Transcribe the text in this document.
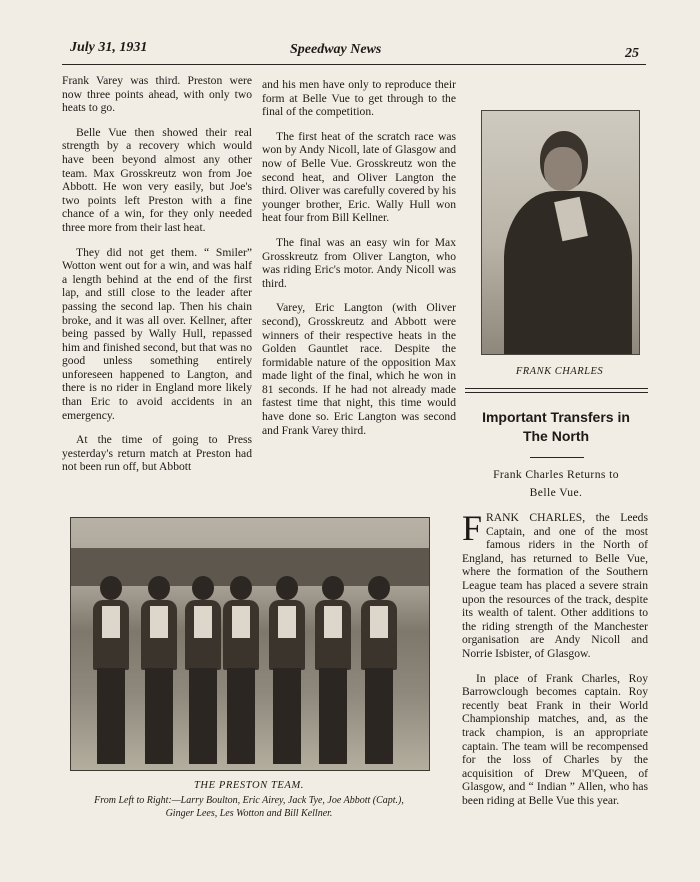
July 31, 1931	Speedway News	25

Frank Varey was third. Preston were now three points ahead, with only two heats to go.

Belle Vue then showed their real strength by a recovery which would have been beyond almost any other team. Max Grosskreutz won from Joe Abbott. He won very easily, but Joe's two points left Preston with a fine chance of a win, for they only needed three more from their last heat.

They did not get them. “ Smiler” Wotton went out for a win, and was half a length behind at the end of the first lap, and still close to the leader after passing the second lap. Then his chain broke, and it was all over. Kellner, after being passed by Wally Hull, repassed him and finished second, but that was no good unless something entirely unforeseen happened to Langton, and there is no rider in England more likely than Eric to avoid accidents in an emergency.

At the time of going to Press yesterday's return match at Preston had not been run off, but Abbott

and his men have only to reproduce their form at Belle Vue to get through to the final of the competition.

The first heat of the scratch race was won by Andy Nicoll, late of Glasgow and now of Belle Vue. Grosskreutz won the second heat, and Oliver Langton the third. Oliver was carefully covered by his younger brother, Eric. Wally Hull won heat four from Bill Kellner.

The final was an easy win for Max Grosskreutz from Oliver Langton, who was riding Eric's motor. Andy Nicoll was third.

Varey, Eric Langton (with Oliver second), Grosskreutz and Abbott were winners of their respective heats in the Golden Gauntlet race. Despite the formidable nature of the opposition Max made light of the final, which he won in 81 seconds. If he had not already made fastest time that night, this time would have done so. Eric Langton was second and Frank Varey third.

FRANK CHARLES
Important Transfers in
The North
Frank Charles Returns to
Belle Vue.

FRANK CHARLES, the Leeds Captain, and one of the most famous riders in the North of England, has returned to Belle Vue, where the formation of the Southern League team has placed a severe strain upon the resources of the track, despite its wealth of talent. Other additions to the riding strength of the Manchester organisation are Andy Nicoll and Norrie Isbister, of Glasgow.

In place of Frank Charles, Roy Barrowclough becomes captain. Roy recently beat Frank in their World Championship matches, and, as the track champion, is an appropriate captain. The team will be recompensed for the loss of Charles by the acquisition of Drew M'Queen, of Glasgow, and “ Indian ” Allen, who has been riding at Belle Vue this year.

THE PRESTON TEAM.
From Left to Right:—Larry Boulton, Eric Airey, Jack Tye, Joe Abbott (Capt.),
Ginger Lees, Les Wotton and Bill Kellner.
